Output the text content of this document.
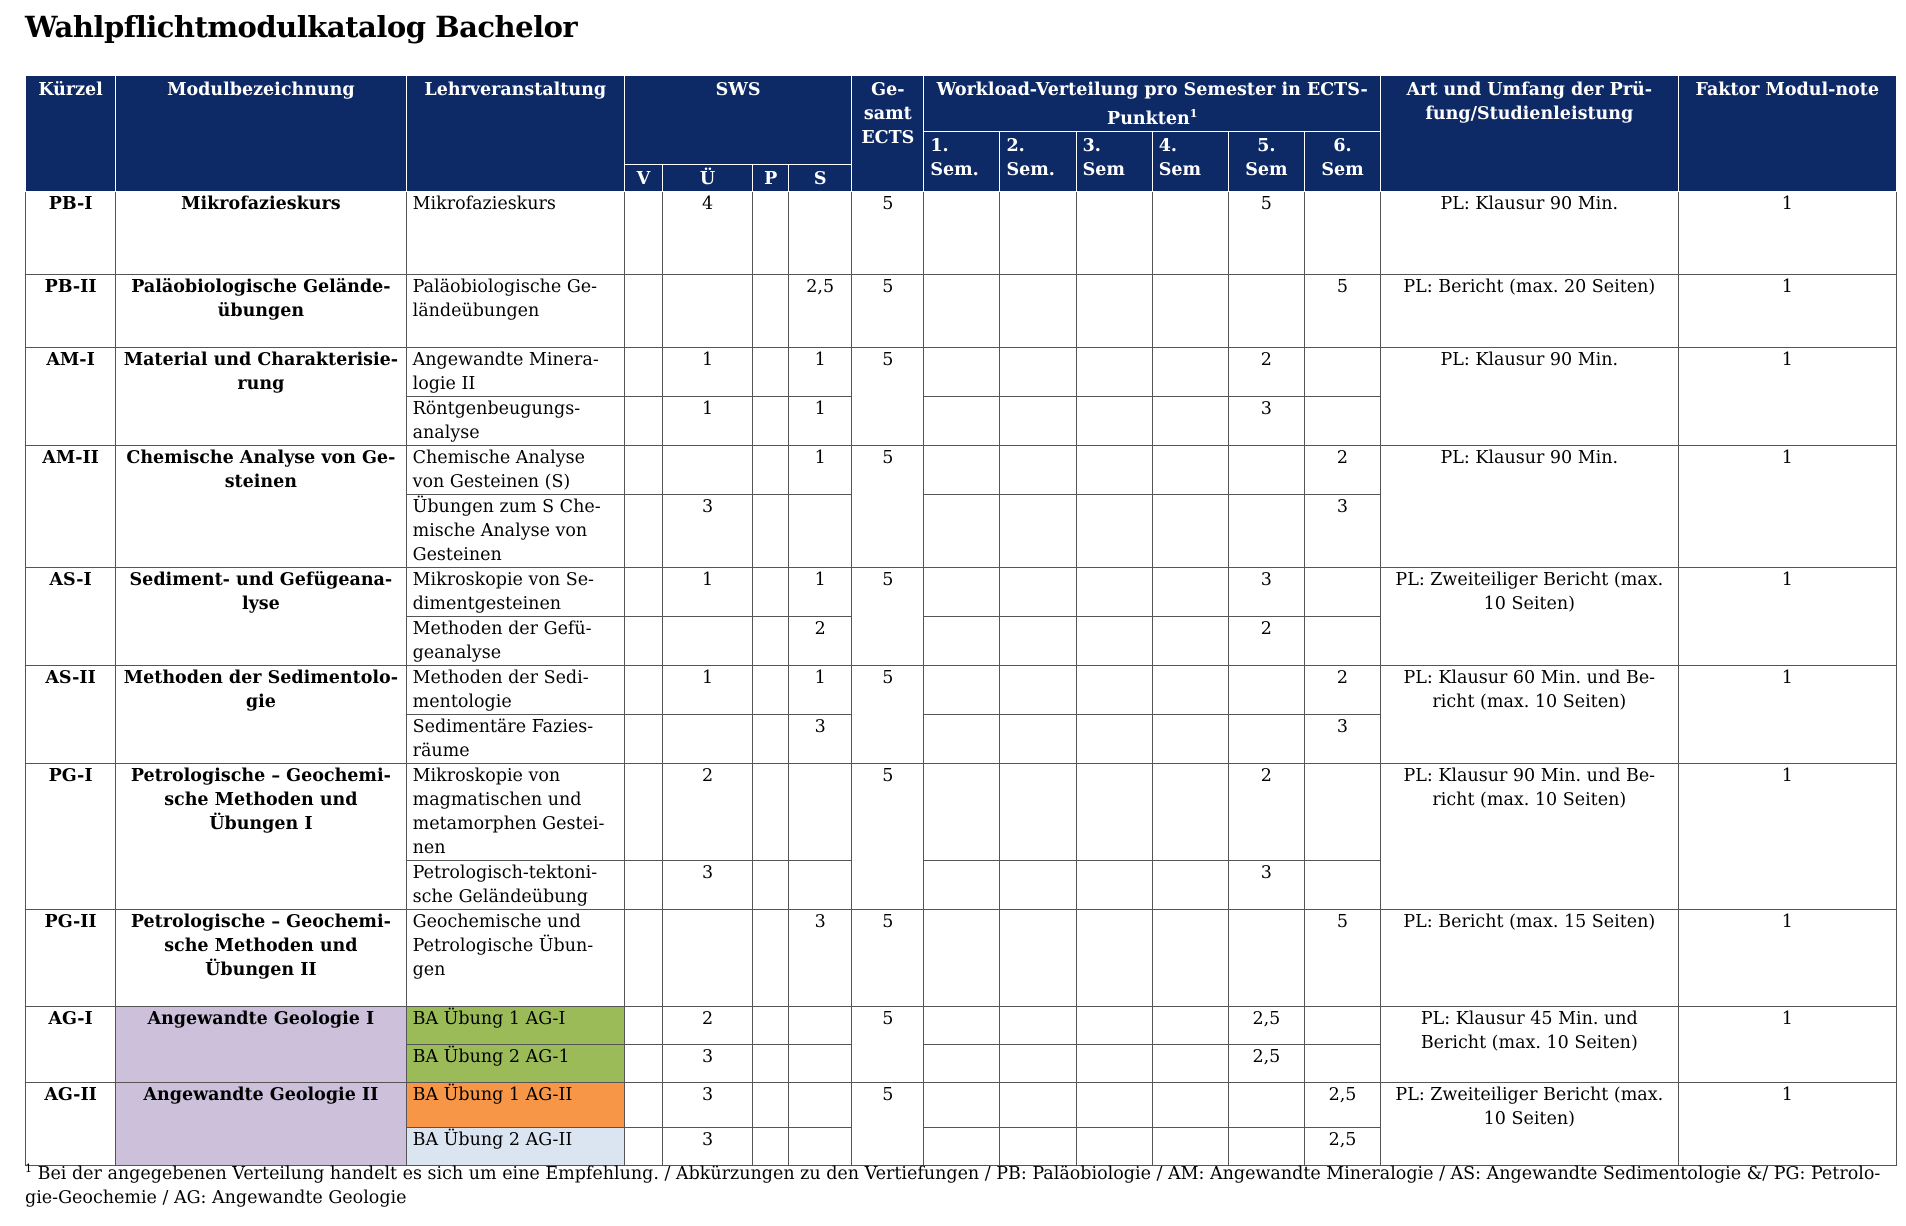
Wahlpflichtmodulkatalog Bachelor
Kürzel	Modulbezeichnung	Lehrveranstaltung	SWS				Ge-samt ECTS	Workload-Verteilung pro Semester in ECTS-Punkten$^1$						Art und Umfang der Prü-fung/Studienleistung	Faktor Modul-note
								1. Sem.	2. Sem.	3. Sem	4. Sem	5. Sem	6. Sem		
			V	Ü	P	S									
PB-I	Mikrofazieskurs	Mikrofazieskurs		4			5					5		PL: Klausur 90 Min.	1
PB-II	Paläobiologische Gelände-übungen	Paläobiologische Ge-ländeübungen				2,5	5						5	PL: Bericht (max. 20 Seiten)	1
AM-I	Material und Charakterisie-rung	Angewandte Minera-logie II		1		1	5					2		PL: Klausur 90 Min.	1
		Röntgenbeugungs-analyse		1		1						3			
AM-II	Chemische Analyse von Ge-steinen	Chemische Analyse von Gesteinen (S)				1	5						2	PL: Klausur 90 Min.	1
		Übungen zum S Che-mische Analyse von Gesteinen		3									3		
AS-I	Sediment- und Gefügeana-lyse	Mikroskopie von Se-dimentgesteinen		1		1	5					3		PL: Zweiteiliger Bericht (max. 10 Seiten)	1
		Methoden der Gefü-geanalyse				2						2			
AS-II	Methoden der Sedimentolo-gie	Methoden der Sedi-mentologie		1		1	5						2	PL: Klausur 60 Min. und Be-richt (max. 10 Seiten)	1
		Sedimentäre Fazies-räume				3							3		
PG-I	Petrologische – Geochemi-sche Methoden und Übungen I	Mikroskopie von magmatischen und metamorphen Gestei-nen		2			5					2		PL: Klausur 90 Min. und Be-richt (max. 10 Seiten)	1
		Petrologisch-tektoni-sche Geländeübung		3								3			
PG-II	Petrologische – Geochemi-sche Methoden und Übungen II	Geochemische und Petrologische Übun-gen				3	5						5	PL: Bericht (max. 15 Seiten)	1
AG-I	Angewandte Geologie I	BA Übung 1 AG-I		2			5					2,5		PL: Klausur 45 Min. und Bericht (max. 10 Seiten)	1
		BA Übung 2 AG-1		3								2,5			
AG-II	Angewandte Geologie II	BA Übung 1 AG-II		3			5						2,5	PL: Zweiteiliger Bericht (max. 10 Seiten)	1
		BA Übung 2 AG-II		3									2,5		
$^1$ Bei der angegebenen Verteilung handelt es sich um eine Empfehlung. / Abkürzungen zu den Vertiefungen / PB: Paläobiologie / AM: Angewandte Mineralogie / AS: Angewandte Sedimentologie &/ PG: Petrolo-gie-Geochemie / AG: Angewandte Geologie
